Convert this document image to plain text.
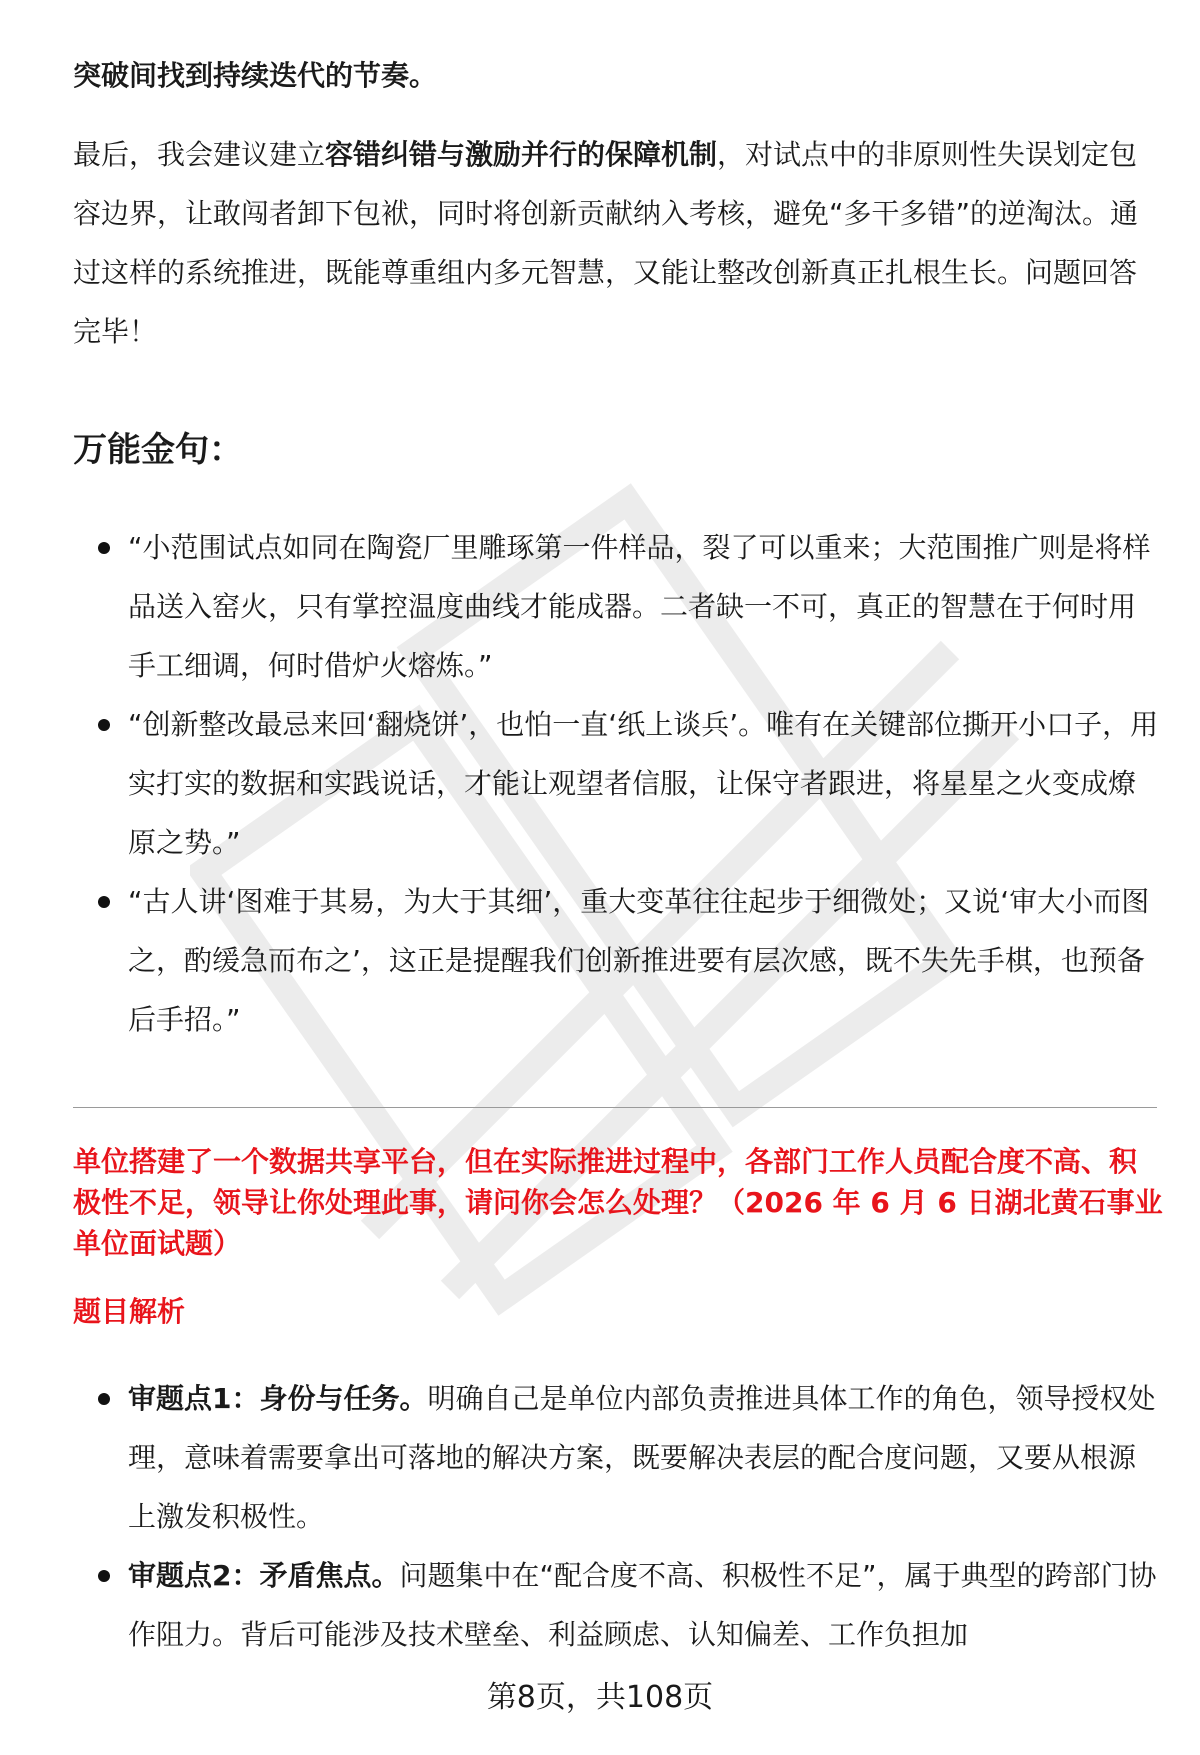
突破间找到持续迭代的节奏。

最后，我会建议建立容错纠错与激励并行的保障机制，对试点中的非原则性失误划定包容边界，让敢闯者卸下包袱，同时将创新贡献纳入考核，避免“多干多错”的逆淘汰。通过这样的系统推进，既能尊重组内多元智慧，又能让整改创新真正扎根生长。问题回答完毕！

万能金句：
“小范围试点如同在陶瓷厂里雕琢第一件样品，裂了可以重来；大范围推广则是将样品送入窑火，只有掌控温度曲线才能成器。二者缺一不可，真正的智慧在于何时用手工细调，何时借炉火熔炼。”
“创新整改最忌来回‘翻烧饼’，也怕一直‘纸上谈兵’。唯有在关键部位撕开小口子，用实打实的数据和实践说话，才能让观望者信服，让保守者跟进，将星星之火变成燎原之势。”
“古人讲‘图难于其易，为大于其细’，重大变革往往起步于细微处；又说‘审大小而图之，酌缓急而布之’，这正是提醒我们创新推进要有层次感，既不失先手棋，也预备后手招。”

单位搭建了一个数据共享平台，但在实际推进过程中，各部门工作人员配合度不高、积极性不足，领导让你处理此事，请问你会怎么处理？（2026 年 6 月 6 日湖北黄石事业单位面试题）

题目解析
审题点1：身份与任务。明确自己是单位内部负责推进具体工作的角色，领导授权处理，意味着需要拿出可落地的解决方案，既要解决表层的配合度问题，又要从根源上激发积极性。
审题点2：矛盾焦点。问题集中在“配合度不高、积极性不足”，属于典型的跨部门协作阻力。背后可能涉及技术壁垒、利益顾虑、认知偏差、工作负担加
第8页，共108页
